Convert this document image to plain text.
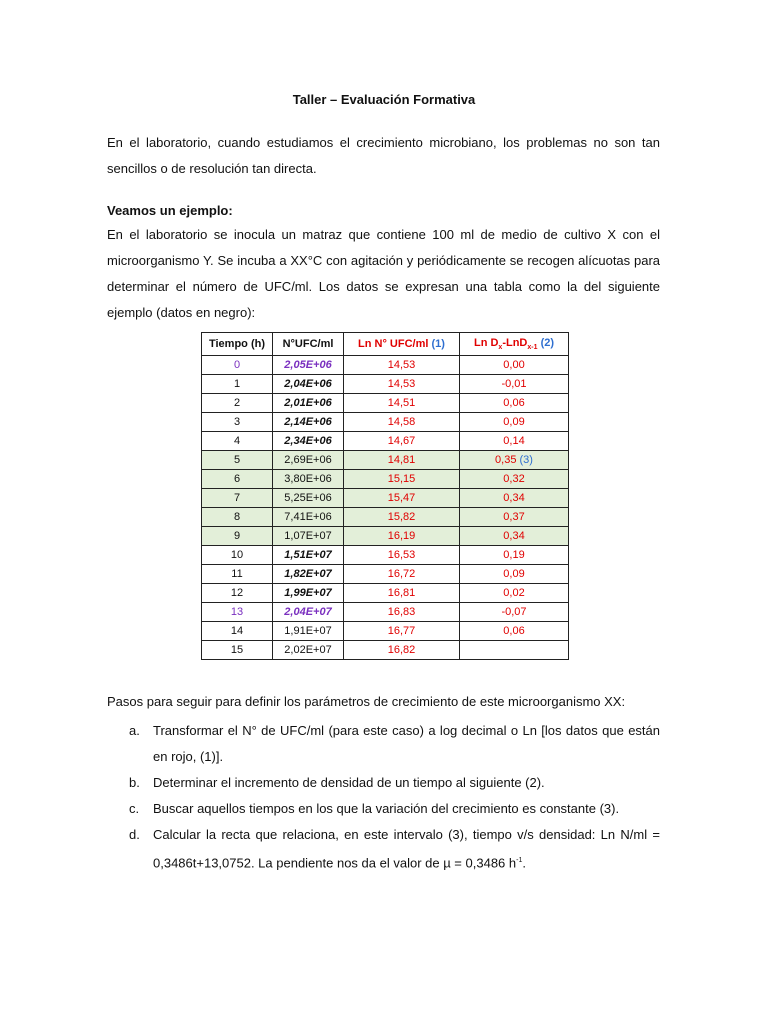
Taller – Evaluación Formativa
En el laboratorio, cuando estudiamos el crecimiento microbiano, los problemas no son tan sencillos o de resolución tan directa.
Veamos un ejemplo:
En el laboratorio se inocula un matraz que contiene 100 ml de medio de cultivo X con el microorganismo Y. Se incuba a XX°C con agitación y periódicamente se recogen alícuotas para determinar el número de UFC/ml. Los datos se expresan una tabla como la del siguiente ejemplo (datos en negro):
Tiempo (h)	N°UFC/ml	Ln N° UFC/ml (1)	Ln $D_x-LnD_{x-1}$ (2)
0	2,05E+06	14,53	0,00
1	2,04E+06	14,53	-0,01
2	2,01E+06	14,51	0,06
3	2,14E+06	14,58	0,09
4	2,34E+06	14,67	0,14
5	2,69E+06	14,81	0,35 (3)
6	3,80E+06	15,15	0,32
7	5,25E+06	15,47	0,34
8	7,41E+06	15,82	0,37
9	1,07E+07	16,19	0,34
10	1,51E+07	16,53	0,19
11	1,82E+07	16,72	0,09
12	1,99E+07	16,81	0,02
13	2,04E+07	16,83	-0,07
14	1,91E+07	16,77	0,06
15	2,02E+07	16,82	
Pasos para seguir para definir los parámetros de crecimiento de este microorganismo XX:
a. Transformar el N° de UFC/ml (para este caso) a log decimal o Ln [los datos que están en rojo, (1)].
b. Determinar el incremento de densidad de un tiempo al siguiente (2).
c. Buscar aquellos tiempos en los que la variación del crecimiento es constante (3).
d. Calcular la recta que relaciona, en este intervalo (3), tiempo v/s densidad: Ln N/ml = 0,3486t+13,0752. La pendiente nos da el valor de µ = 0,3486 $h^{-1}$.
